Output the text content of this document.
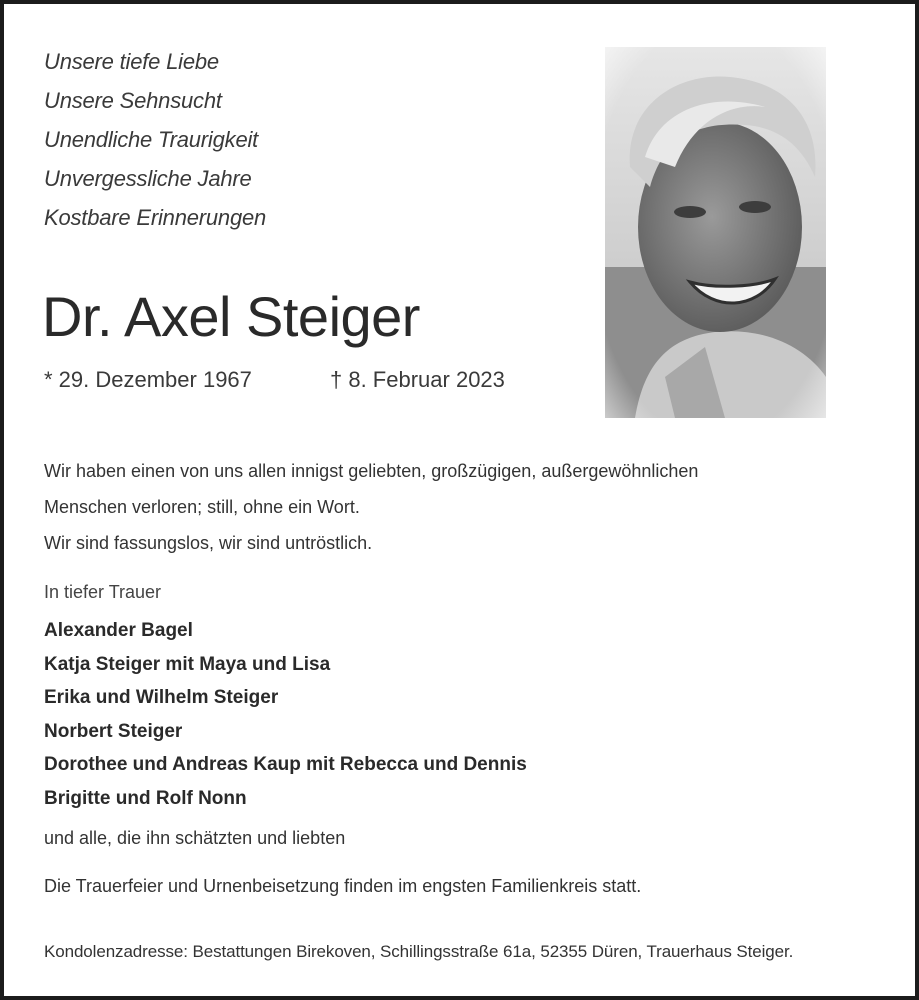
Unsere tiefe Liebe
Unsere Sehnsucht
Unendliche Traurigkeit
Unvergessliche Jahre
Kostbare Erinnerungen
Dr. Axel Steiger
* 29. Dezember 1967	† 8. Februar 2023
Wir haben einen von uns allen innigst geliebten, großzügigen, außergewöhnlichen
Menschen verloren; still, ohne ein Wort.
Wir sind fassungslos, wir sind untröstlich.
In tiefer Trauer
Alexander Bagel
Katja Steiger mit Maya und Lisa
Erika und Wilhelm Steiger
Norbert Steiger
Dorothee und Andreas Kaup mit Rebecca und Dennis
Brigitte und Rolf Nonn
und alle, die ihn schätzten und liebten
Die Trauerfeier und Urnenbeisetzung finden im engsten Familienkreis statt.
Kondolenzadresse: Bestattungen Birekoven, Schillingsstraße 61a, 52355 Düren, Trauerhaus Steiger.
